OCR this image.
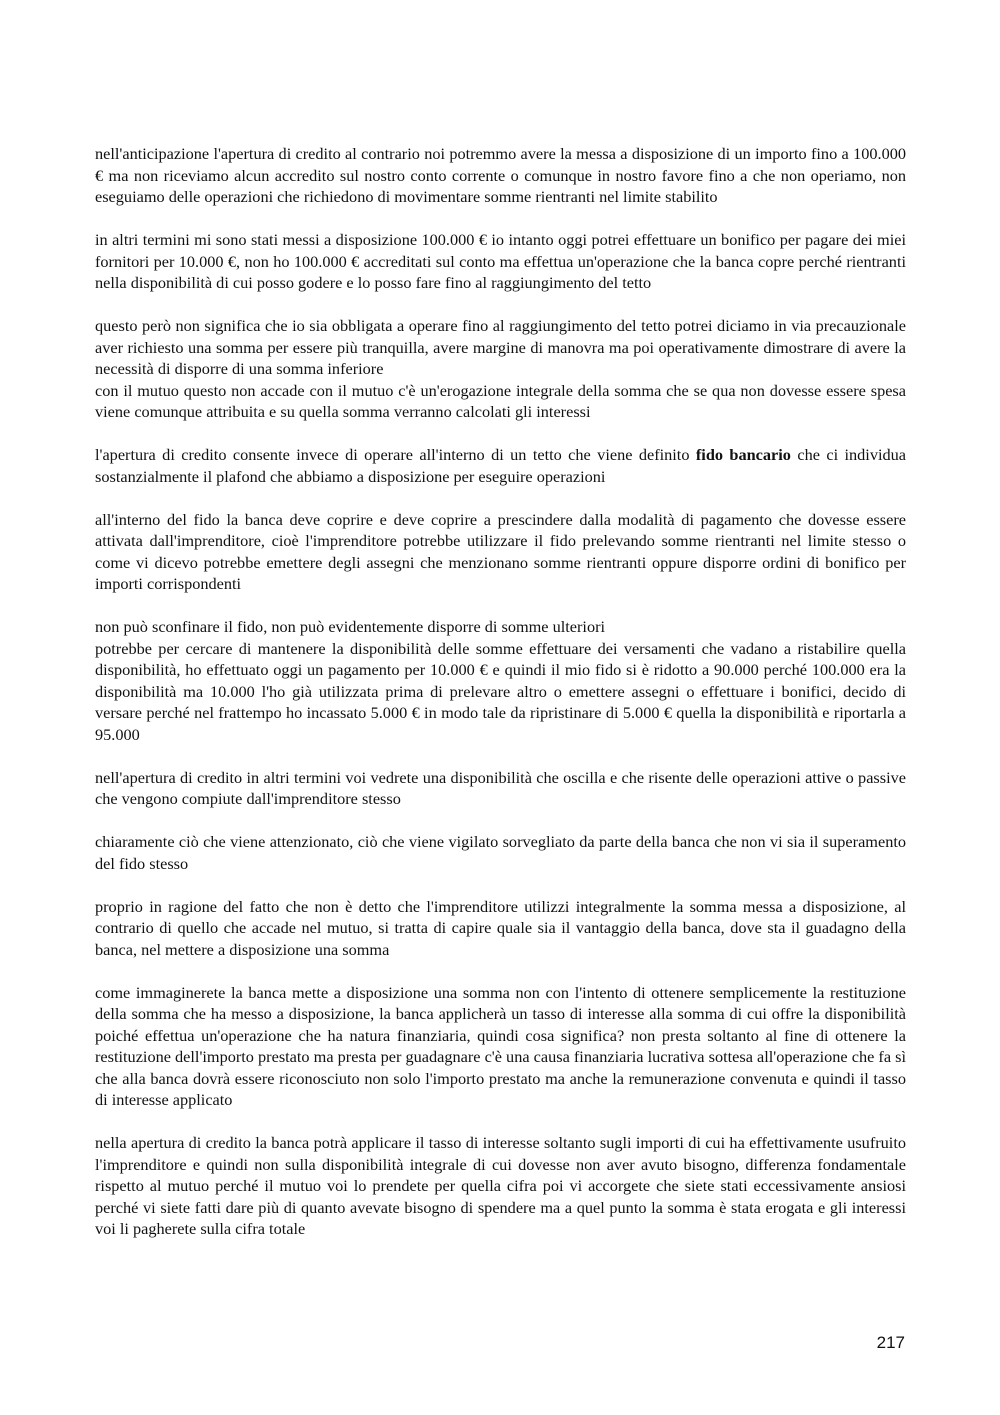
nell'anticipazione l'apertura di credito al contrario noi potremmo avere la messa a disposizione di un importo fino a 100.000 € ma non riceviamo alcun accredito sul nostro conto corrente o comunque in nostro favore fino a che non operiamo, non eseguiamo delle operazioni che richiedono di movimentare somme rientranti nel limite stabilito

in altri termini mi sono stati messi a disposizione 100.000 € io intanto oggi potrei effettuare un bonifico per pagare dei miei fornitori per 10.000 €, non ho 100.000 € accreditati sul conto ma effettua un'operazione che la banca copre perché rientranti nella disponibilità di cui posso godere e lo posso fare fino al raggiungimento del tetto

questo però non significa che io sia obbligata a operare fino al raggiungimento del tetto potrei diciamo in via precauzionale aver richiesto una somma per essere più tranquilla, avere margine di manovra ma poi operativamente dimostrare di avere la necessità di disporre di una somma inferiore

con il mutuo questo non accade con il mutuo c'è un'erogazione integrale della somma che se qua non dovesse essere spesa viene comunque attribuita e su quella somma verranno calcolati gli interessi

l'apertura di credito consente invece di operare all'interno di un tetto che viene definito fido bancario che ci individua sostanzialmente il plafond che abbiamo a disposizione per eseguire operazioni

all'interno del fido la banca deve coprire e deve coprire a prescindere dalla modalità di pagamento che dovesse essere attivata dall'imprenditore, cioè l'imprenditore potrebbe utilizzare il fido prelevando somme rientranti nel limite stesso o come vi dicevo potrebbe emettere degli assegni che menzionano somme rientranti oppure disporre ordini di bonifico per importi corrispondenti

non può sconfinare il fido, non può evidentemente disporre di somme ulteriori

potrebbe per cercare di mantenere la disponibilità delle somme effettuare dei versamenti che vadano a ristabilire quella disponibilità, ho effettuato oggi un pagamento per 10.000 € e quindi il mio fido si è ridotto a 90.000 perché 100.000 era la disponibilità ma 10.000 l'ho già utilizzata prima di prelevare altro o emettere assegni o effettuare i bonifici, decido di versare perché nel frattempo ho incassato 5.000 € in modo tale da ripristinare di 5.000 € quella la disponibilità e riportarla a 95.000

nell'apertura di credito in altri termini voi vedrete una disponibilità che oscilla e che risente delle operazioni attive o passive che vengono compiute dall'imprenditore stesso

chiaramente ciò che viene attenzionato, ciò che viene vigilato sorvegliato da parte della banca che non vi sia il superamento del fido stesso

proprio in ragione del fatto che non è detto che l'imprenditore utilizzi integralmente la somma messa a disposizione, al contrario di quello che accade nel mutuo, si tratta di capire quale sia il vantaggio della banca, dove sta il guadagno della banca, nel mettere a disposizione una somma

come immaginerete la banca mette a disposizione una somma non con l'intento di ottenere semplicemente la restituzione della somma che ha messo a disposizione, la banca applicherà un tasso di interesse alla somma di cui offre la disponibilità poiché effettua un'operazione che ha natura finanziaria, quindi cosa significa? non presta soltanto al fine di ottenere la restituzione dell'importo prestato ma presta per guadagnare c'è una causa finanziaria lucrativa sottesa all'operazione che fa sì che alla banca dovrà essere riconosciuto non solo l'importo prestato ma anche la remunerazione convenuta e quindi il tasso di interesse applicato

nella apertura di credito la banca potrà applicare il tasso di interesse soltanto sugli importi di cui ha effettivamente usufruito l'imprenditore e quindi non sulla disponibilità integrale di cui dovesse non aver avuto bisogno, differenza fondamentale rispetto al mutuo perché il mutuo voi lo prendete per quella cifra poi vi accorgete che siete stati eccessivamente ansiosi perché vi siete fatti dare più di quanto avevate bisogno di spendere ma a quel punto la somma è stata erogata e gli interessi voi li pagherete sulla cifra totale

217
